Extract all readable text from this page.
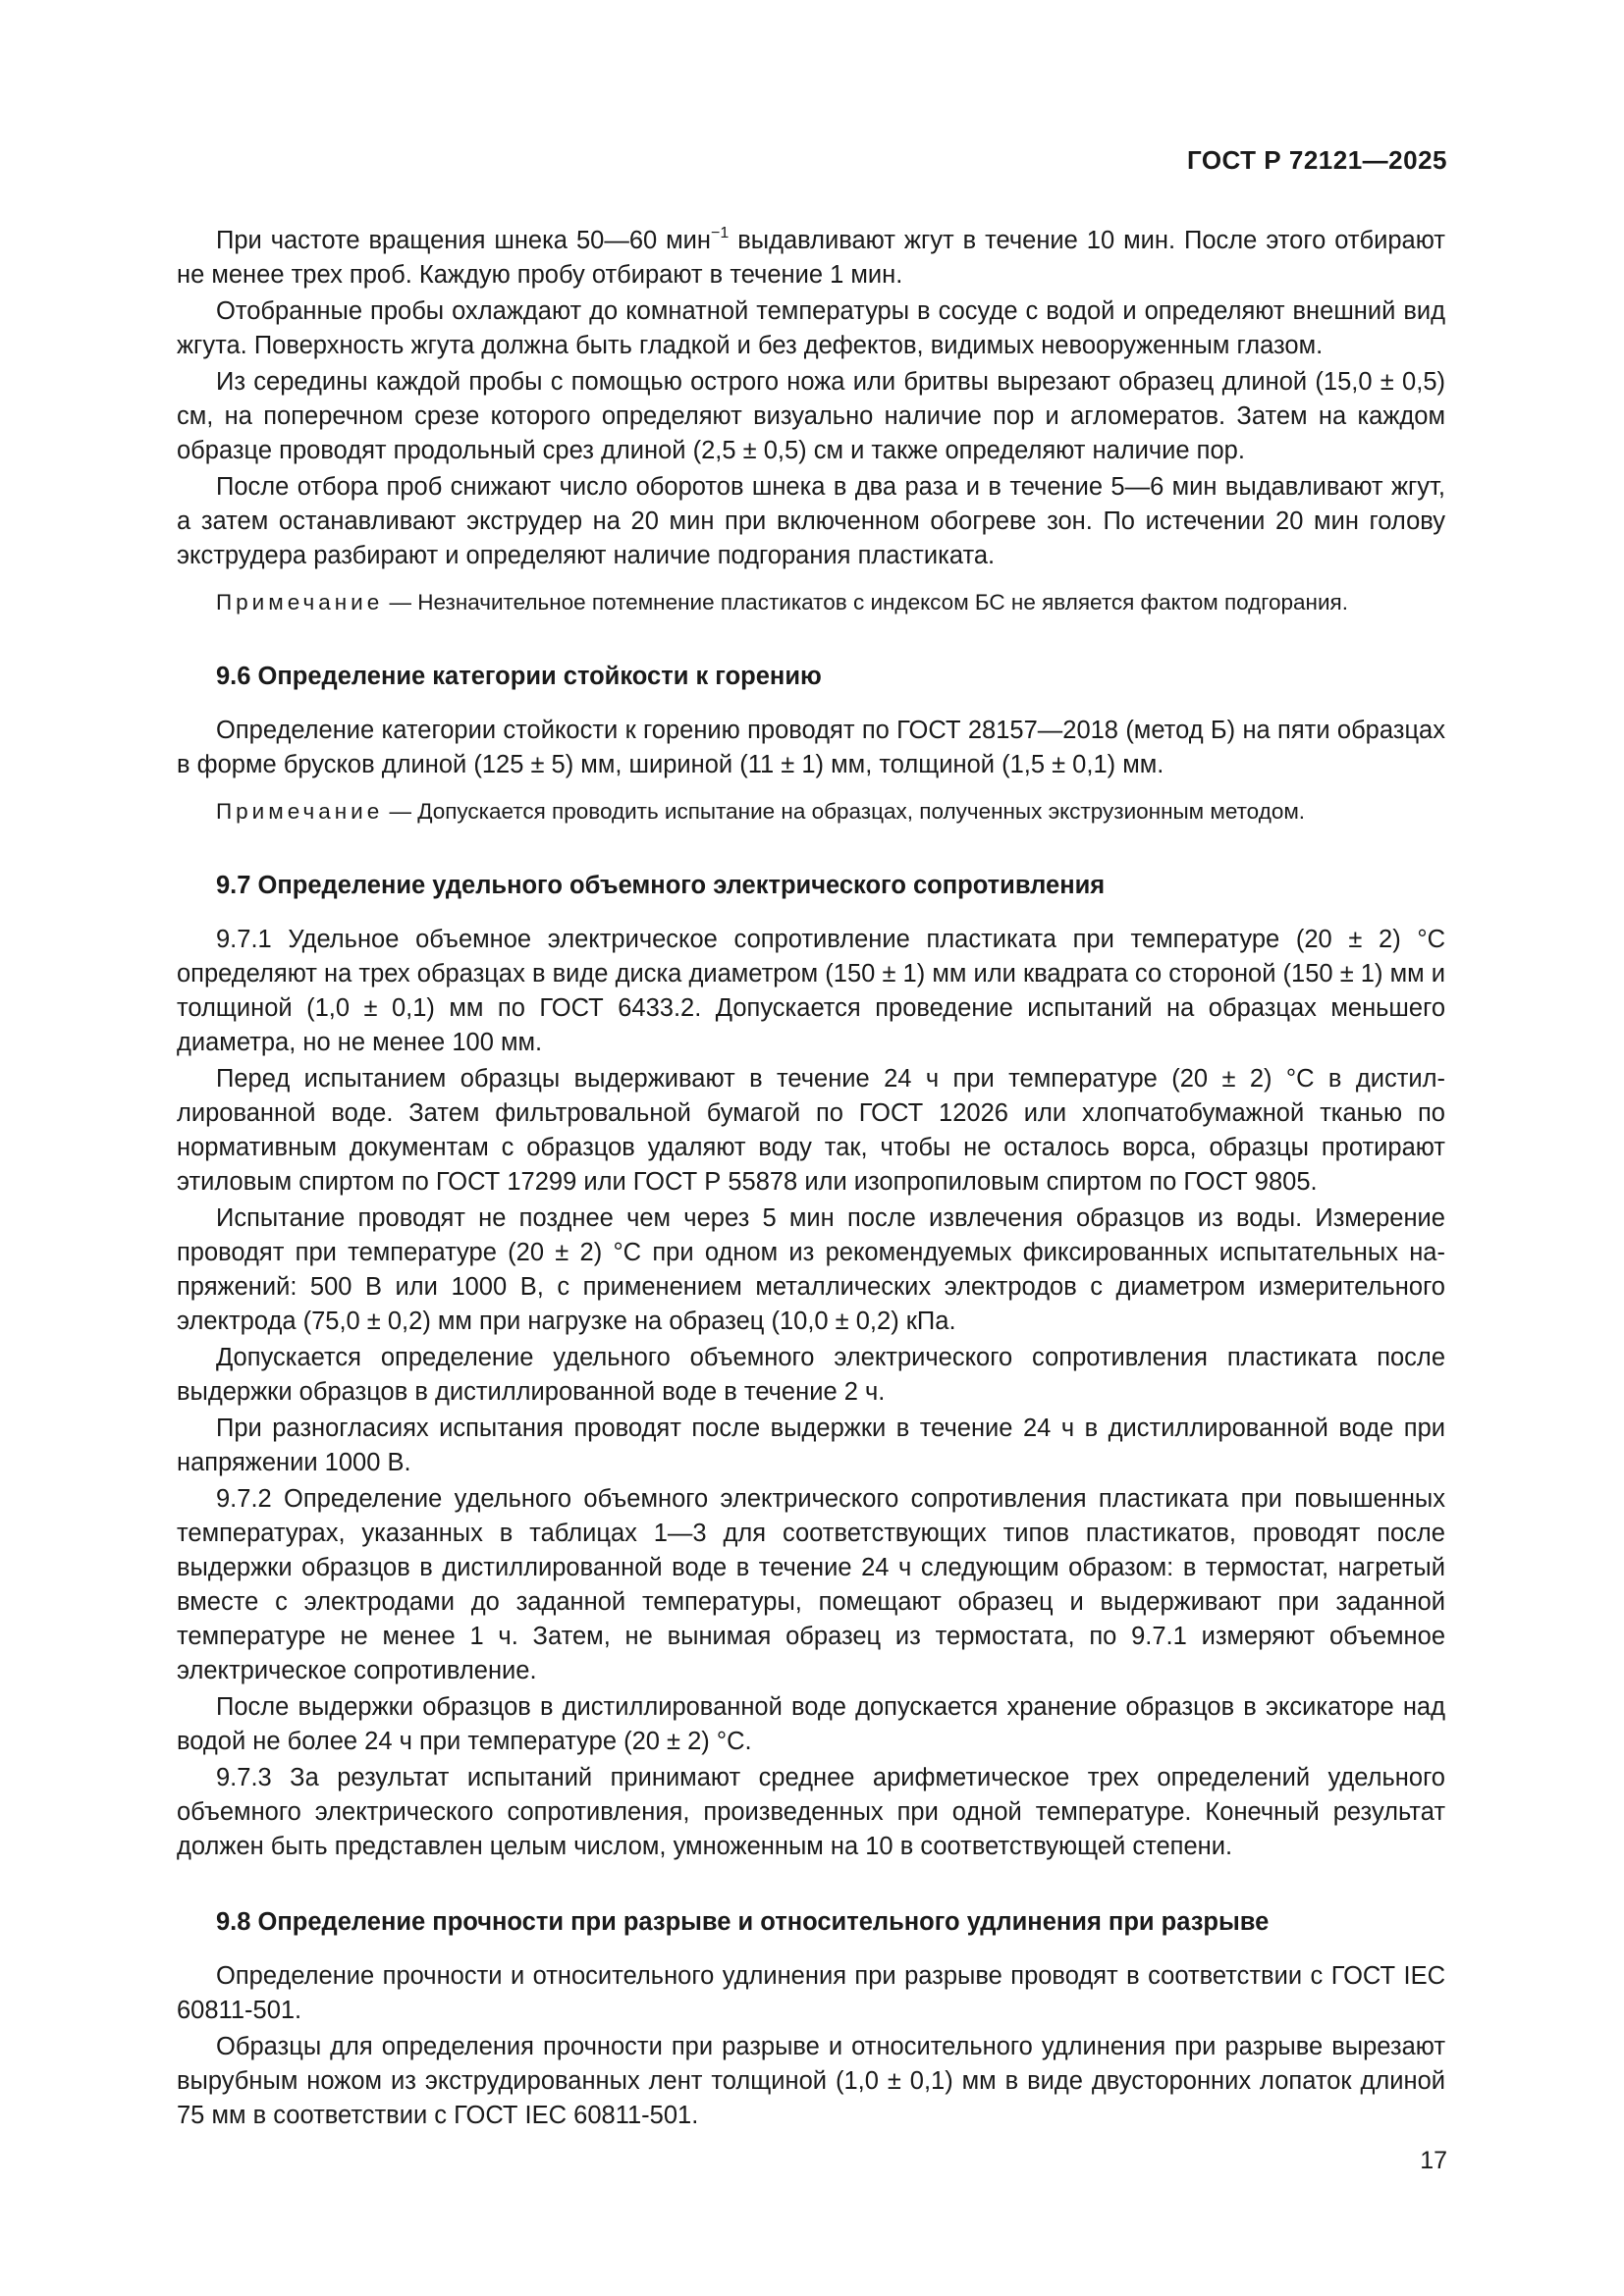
ГОСТ Р 72121—2025

При частоте вращения шнека 50—60 мин$^{-1}$ выдавливают жгут в течение 10 мин. После этого отбирают не менее трех проб. Каждую пробу отбирают в течение 1 мин.

Отобранные пробы охлаждают до комнатной температуры в сосуде с водой и определяют внешний вид жгута. Поверхность жгута должна быть гладкой и без дефектов, видимых невооруженным глазом.

Из середины каждой пробы с помощью острого ножа или бритвы вырезают образец длиной (15,0 ± 0,5) см, на поперечном срезе которого определяют визуально наличие пор и агломератов. Затем на каждом образце проводят продольный срез длиной (2,5 ± 0,5) см и также определяют наличие пор.

После отбора проб снижают число оборотов шнека в два раза и в течение 5—6 мин выдавливают жгут, а затем останавливают экструдер на 20 мин при включенном обогреве зон. По истечении 20 мин голову экструдера разбирают и определяют наличие подгорания пластиката.

Примечание — Незначительное потемнение пластикатов с индексом БС не является фактом подгорания.

9.6 Определение категории стойкости к горению

Определение категории стойкости к горению проводят по ГОСТ 28157—2018 (метод Б) на пяти образцах в форме брусков длиной (125 ± 5) мм, шириной (11 ± 1) мм, толщиной (1,5 ± 0,1) мм.

Примечание — Допускается проводить испытание на образцах, полученных экструзионным методом.

9.7 Определение удельного объемного электрического сопротивления

9.7.1 Удельное объемное электрическое сопротивление пластиката при температуре (20 ± 2) °С определяют на трех образцах в виде диска диаметром (150 ± 1) мм или квадрата со стороной (150 ± 1) мм и толщиной (1,0 ± 0,1) мм по ГОСТ 6433.2. Допускается проведение испытаний на образцах меньшего диаметра, но не менее 100 мм.

Перед испытанием образцы выдерживают в течение 24 ч при температуре (20 ± 2) °С в дистиллированной воде. Затем фильтровальной бумагой по ГОСТ 12026 или хлопчатобумажной тканью по нормативным документам с образцов удаляют воду так, чтобы не осталось ворса, образцы протирают этиловым спиртом по ГОСТ 17299 или ГОСТ Р 55878 или изопропиловым спиртом по ГОСТ 9805.

Испытание проводят не позднее чем через 5 мин после извлечения образцов из воды. Измерение проводят при температуре (20 ± 2) °С при одном из рекомендуемых фиксированных испытательных напряжений: 500 В или 1000 В, с применением металлических электродов с диаметром измерительного электрода (75,0 ± 0,2) мм при нагрузке на образец (10,0 ± 0,2) кПа.

Допускается определение удельного объемного электрического сопротивления пластиката после выдержки образцов в дистиллированной воде в течение 2 ч.

При разногласиях испытания проводят после выдержки в течение 24 ч в дистиллированной воде при напряжении 1000 В.

9.7.2 Определение удельного объемного электрического сопротивления пластиката при повышенных температурах, указанных в таблицах 1—3 для соответствующих типов пластикатов, проводят после выдержки образцов в дистиллированной воде в течение 24 ч следующим образом: в термостат, нагретый вместе с электродами до заданной температуры, помещают образец и выдерживают при заданной температуре не менее 1 ч. Затем, не вынимая образец из термостата, по 9.7.1 измеряют объемное электрическое сопротивление.

После выдержки образцов в дистиллированной воде допускается хранение образцов в эксикаторе над водой не более 24 ч при температуре (20 ± 2) °С.

9.7.3 За результат испытаний принимают среднее арифметическое трех определений удельного объемного электрического сопротивления, произведенных при одной температуре. Конечный результат должен быть представлен целым числом, умноженным на 10 в соответствующей степени.

9.8 Определение прочности при разрыве и относительного удлинения при разрыве

Определение прочности и относительного удлинения при разрыве проводят в соответствии с ГОСТ IEC 60811-501.

Образцы для определения прочности при разрыве и относительного удлинения при разрыве вырезают вырубным ножом из экструдированных лент толщиной (1,0 ± 0,1) мм в виде двусторонних лопаток длиной 75 мм в соответствии с ГОСТ IEC 60811-501.

17
